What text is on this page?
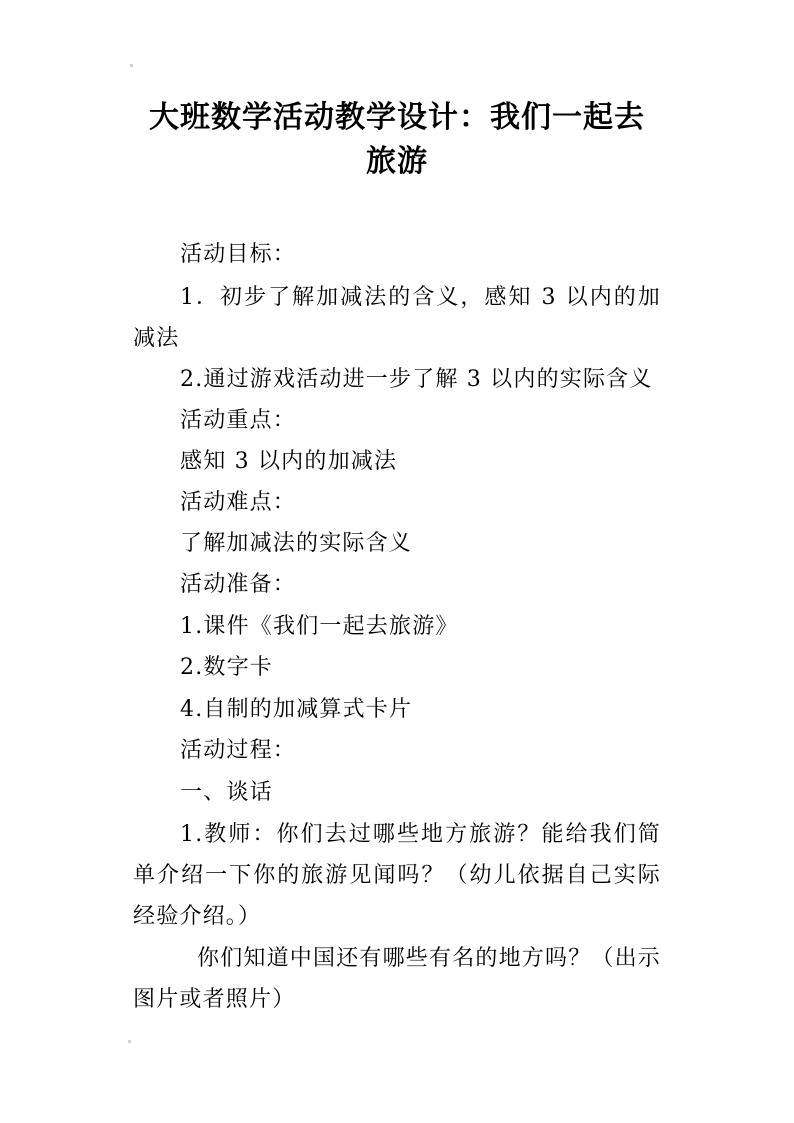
大班数学活动教学设计：我们一起去
旅游

活动目标：

1．初步了解加减法的含义，感知 3 以内的加减法

2.通过游戏活动进一步了解 3 以内的实际含义

活动重点：

感知 3 以内的加减法

活动难点：

了解加减法的实际含义

活动准备：

1.课件《我们一起去旅游》

2.数字卡

4.自制的加减算式卡片

活动过程：

一、谈话

1.教师：你们去过哪些地方旅游？能给我们简单介绍一下你的旅游见闻吗？（幼儿依据自己实际经验介绍。）

你们知道中国还有哪些有名的地方吗？（出示图片或者照片）
